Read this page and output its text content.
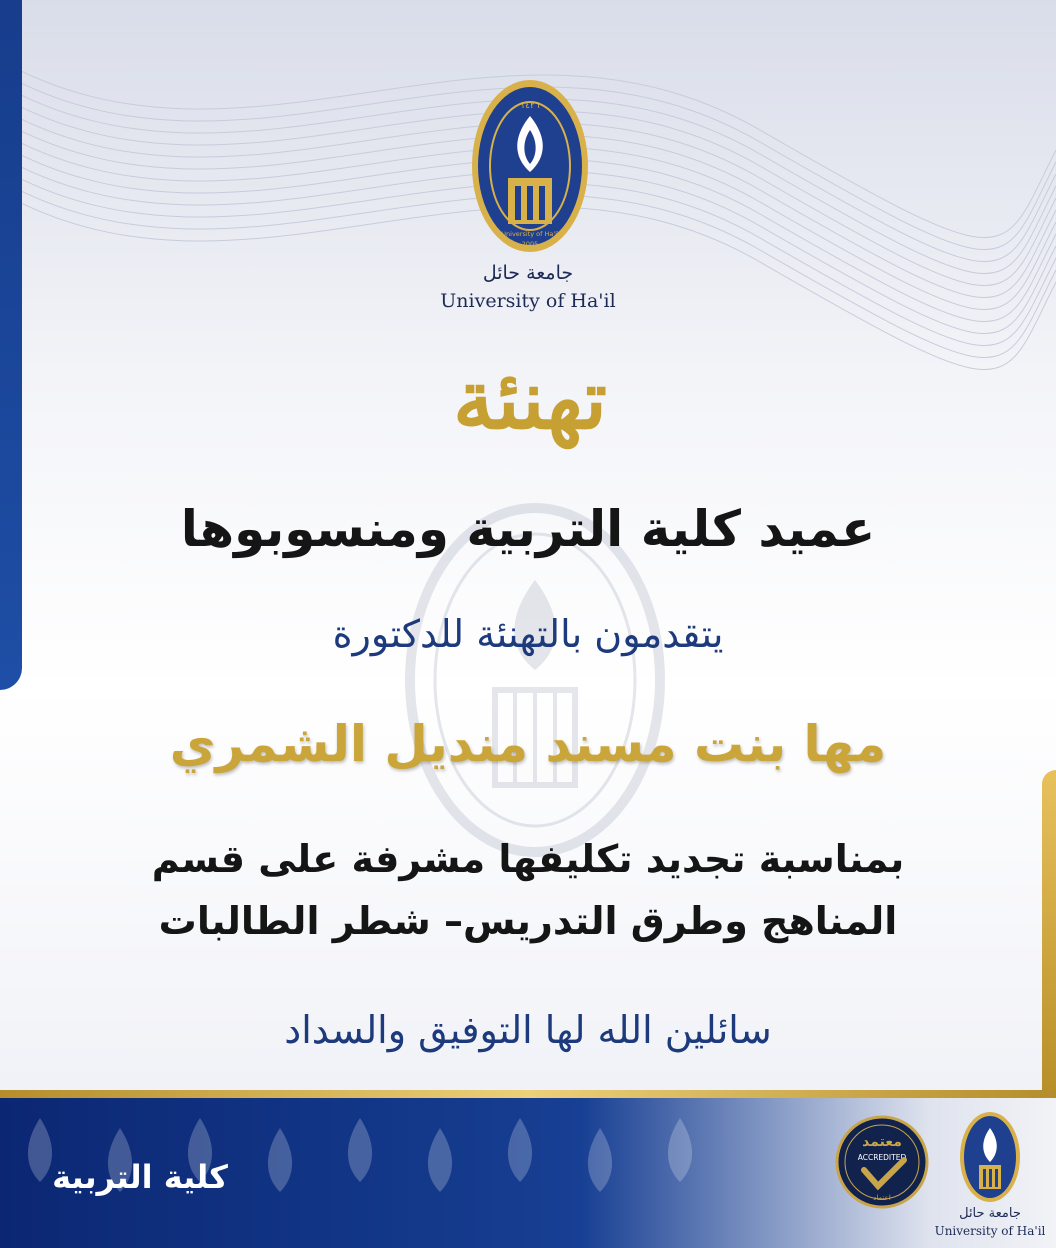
١٤٢٦
University of Ha'il
2005
جامعة حائل
University of Ha'il
تهنئة
عميد كلية التربية ومنسوبوها
يتقدمون بالتهنئة للدكتورة
مها بنت مسند منديل الشمري
بمناسبة تجديد تكليفها مشرفة على قسم
المناهج وطرق التدريس– شطر الطالبات
سائلين الله لها التوفيق والسداد
كلية التربية
معتمد
ACCREDITED
اعتماد
جامعة حائل
University of Ha'il
